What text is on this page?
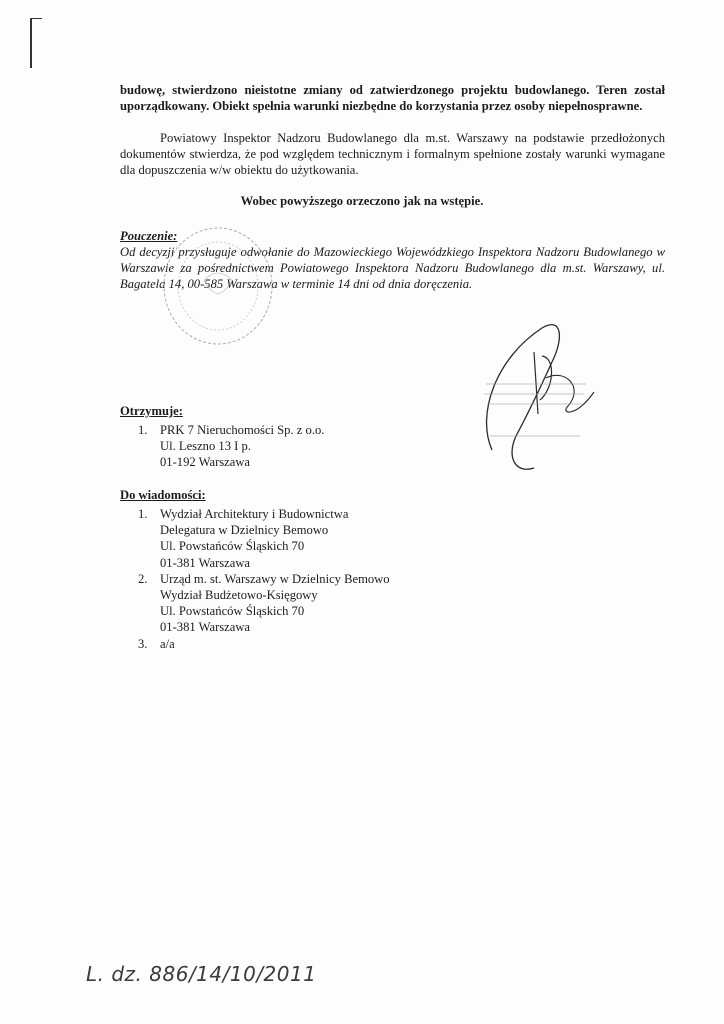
budowę, stwierdzono nieistotne zmiany od zatwierdzonego projektu budowlanego. Teren został uporządkowany. Obiekt spełnia warunki niezbędne do korzystania przez osoby niepełnosprawne.
Powiatowy Inspektor Nadzoru Budowlanego dla m.st. Warszawy na podstawie przedłożonych dokumentów stwierdza, że pod względem technicznym i formalnym spełnione zostały warunki wymagane dla dopuszczenia w/w obiektu do użytkowania.
Wobec powyższego orzeczono jak na wstępie.
Pouczenie:
Od decyzji przysługuje odwołanie do Mazowieckiego Wojewódzkiego Inspektora Nadzoru Budowlanego w Warszawie za pośrednictwem Powiatowego Inspektora Nadzoru Budowlanego dla m.st. Warszawy, ul. Bagatela 14, 00-585 Warszawa w terminie 14 dni od dnia doręczenia.
Otrzymuje:
1. PRK 7 Nieruchomości Sp. z o.o.
Ul. Leszno 13 I p.
01-192 Warszawa
Do wiadomości:
1. Wydział Architektury i Budownictwa
Delegatura w Dzielnicy Bemowo
Ul. Powstańców Śląskich 70
01-381 Warszawa
2. Urząd m. st. Warszawy w Dzielnicy Bemowo
Wydział Budżetowo-Księgowy
Ul. Powstańców Śląskich 70
01-381 Warszawa
3. a/a
L. dz. 886/14/10/2011
